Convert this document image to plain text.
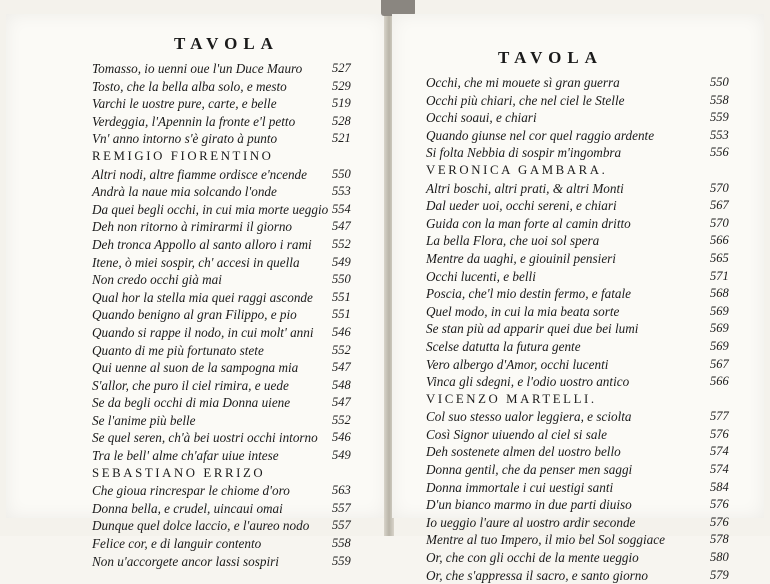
TAVOLA
Tomasso, io uenni oue l'un Duce Mauro 527
Tosto, che la bella alba solo, e mesto	529
Varchi le uostre pure, carte, e belle	519
Verdeggia, l'Apennin la fronte e'l petto	528
Vn' anno intorno s'è girato à punto	521
REMIGIO FIORENTINO
Altri nodi, altre fiamme ordisce e'ncende 550
Andrà la naue mia solcando l'onde	553
Da quei begli occhi, in cui mia morte ueggio 554
Deh non ritorno à rimirarmi il giorno	547
Deh tronca Appollo al santo alloro i rami 552
Itene, ò miei sospir, ch' accesi in quella	549
Non credo occhi già mai	550
Qual hor la stella mia quei raggi asconde 551
Quando benigno al gran Filippo, e pio	551
Quando si rappe il nodo, in cui molt' anni 546
Quanto di me più fortunato stete	552
Qui uenne al suon de la sampogna mia	547
S'allor, che puro il ciel rimira, e uede	548
Se da begli occhi di mia Donna uiene	547
Se l'anime più belle	552
Se quel seren, ch'à bei uostri occhi intorno 546
Tra le bell' alme ch'afar uiue intese	549
SEBASTIANO ERRIZO
Che gioua rincrespar le chiome d'oro	563
Donna bella, e crudel, uincaui omai	557
Dunque quel dolce laccio, e l'aureo nodo 557
Felice cor, e di languir contento	558
Non u'accorgete ancor lassi sospiri	559
TAVOLA
Occhi, che mi mouete sì gran guerra	550
Occhi più chiari, che nel ciel le Stelle	558
Occhi soaui, e chiari	559
Quando giunse nel cor quel raggio ardente	553
Si folta Nebbia di sospir m'ingombra	556
VERONICA GAMBARA.
Altri boschi, altri prati, & altri Monti	570
Dal ueder uoi, occhi sereni, e chiari	567
Guida con la man forte al camin dritto	570
La bella Flora, che uoi sol spera	566
Mentre da uaghi, e giouinil pensieri	565
Occhi lucenti, e belli	571
Poscia, che'l mio destin fermo, e fatale	568
Quel modo, in cui la mia beata sorte	569
Se stan più ad apparir quei due bei lumi	569
Scelse datutta la futura gente	569
Vero albergo d'Amor, occhi lucenti	567
Vinca gli sdegni, e l'odio uostro antico	566
VICENZO MARTELLI.
Col suo stesso ualor leggiera, e sciolta	577
Così Signor uiuendo al ciel si sale	576
Deh sostenete almen del uostro bello	574
Donna gentil, che da penser men saggi	574
Donna immortale i cui uestigi santi	584
D'un bianco marmo in due parti diuiso	576
Io ueggio l'aure al uostro ardir seconde	576
Mentre al tuo Impero, il mio bel Sol soggiace	578
Or, che con gli occhi de la mente ueggio	580
Or, che s'appressa il sacro, e santo giorno	579
